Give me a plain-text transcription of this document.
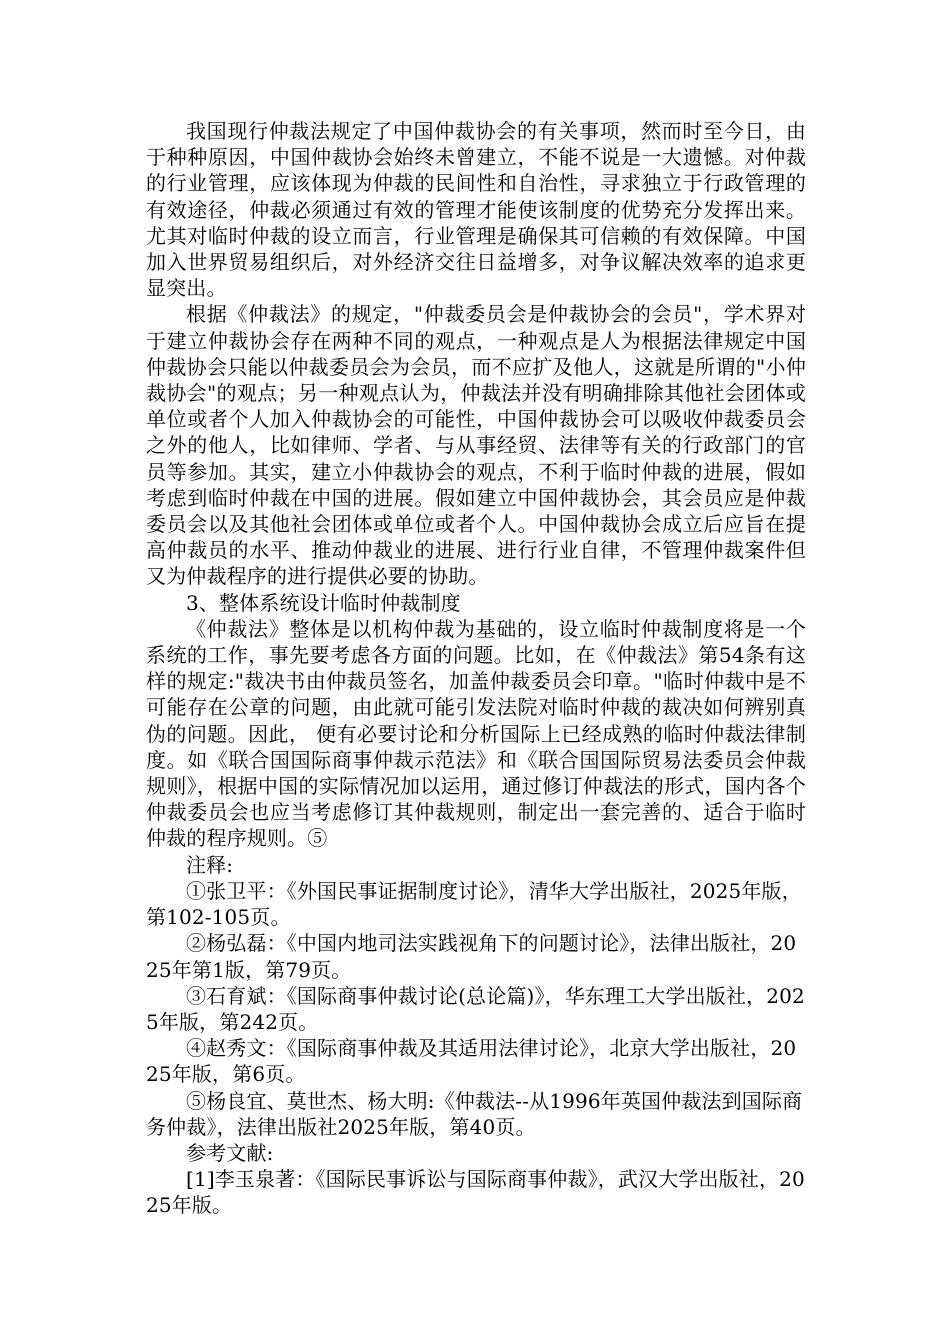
我国现行仲裁法规定了中国仲裁协会的有关事项，然而时至今日，由于种种原因，中国仲裁协会始终未曾建立，不能不说是一大遗憾。对仲裁的行业管理，应该体现为仲裁的民间性和自治性，寻求独立于行政管理的有效途径，仲裁必须通过有效的管理才能使该制度的优势充分发挥出来。尤其对临时仲裁的设立而言，行业管理是确保其可信赖的有效保障。中国加入世界贸易组织后，对外经济交往日益增多，对争议解决效率的追求更显突出。

根据《仲裁法》的规定，"仲裁委员会是仲裁协会的会员"，学术界对于建立仲裁协会存在两种不同的观点，一种观点是人为根据法律规定中国仲裁协会只能以仲裁委员会为会员，而不应扩及他人，这就是所谓的"小仲裁协会"的观点；另一种观点认为，仲裁法并没有明确排除其他社会团体或单位或者个人加入仲裁协会的可能性，中国仲裁协会可以吸收仲裁委员会之外的他人，比如律师、学者、与从事经贸、法律等有关的行政部门的官员等参加。其实，建立小仲裁协会的观点，不利于临时仲裁的进展，假如考虑到临时仲裁在中国的进展。假如建立中国仲裁协会，其会员应是仲裁委员会以及其他社会团体或单位或者个人。中国仲裁协会成立后应旨在提高仲裁员的水平、推动仲裁业的进展、进行行业自律，不管理仲裁案件但又为仲裁程序的进行提供必要的协助。

3、整体系统设计临时仲裁制度

《仲裁法》整体是以机构仲裁为基础的，设立临时仲裁制度将是一个系统的工作，事先要考虑各方面的问题。比如，在《仲裁法》第54条有这样的规定:"裁决书由仲裁员签名，加盖仲裁委员会印章。"临时仲裁中是不可能存在公章的问题，由此就可能引发法院对临时仲裁的裁决如何辨别真伪的问题。因此， 便有必要讨论和分析国际上已经成熟的临时仲裁法律制度。如《联合国国际商事仲裁示范法》和《联合国国际贸易法委员会仲裁规则》，根据中国的实际情况加以运用，通过修订仲裁法的形式，国内各个仲裁委员会也应当考虑修订其仲裁规则，制定出一套完善的、适合于临时仲裁的程序规则。⑤

注释:

①张卫平：《外国民事证据制度讨论》，清华大学出版社，2025年版，第102-105页。

②杨弘磊：《中国内地司法实践视角下的问题讨论》，法律出版社，2025年第1版，第79页。

③石育斌：《国际商事仲裁讨论(总论篇)》，华东理工大学出版社，2025年版，第242页。

④赵秀文：《国际商事仲裁及其适用法律讨论》，北京大学出版社，2025年版，第6页。

⑤杨良宜、莫世杰、杨大明:《仲裁法--从1996年英国仲裁法到国际商务仲裁》，法律出版社2025年版，第40页。

参考文献:

[1]李玉泉著：《国际民事诉讼与国际商事仲裁》，武汉大学出版社，2025年版。
